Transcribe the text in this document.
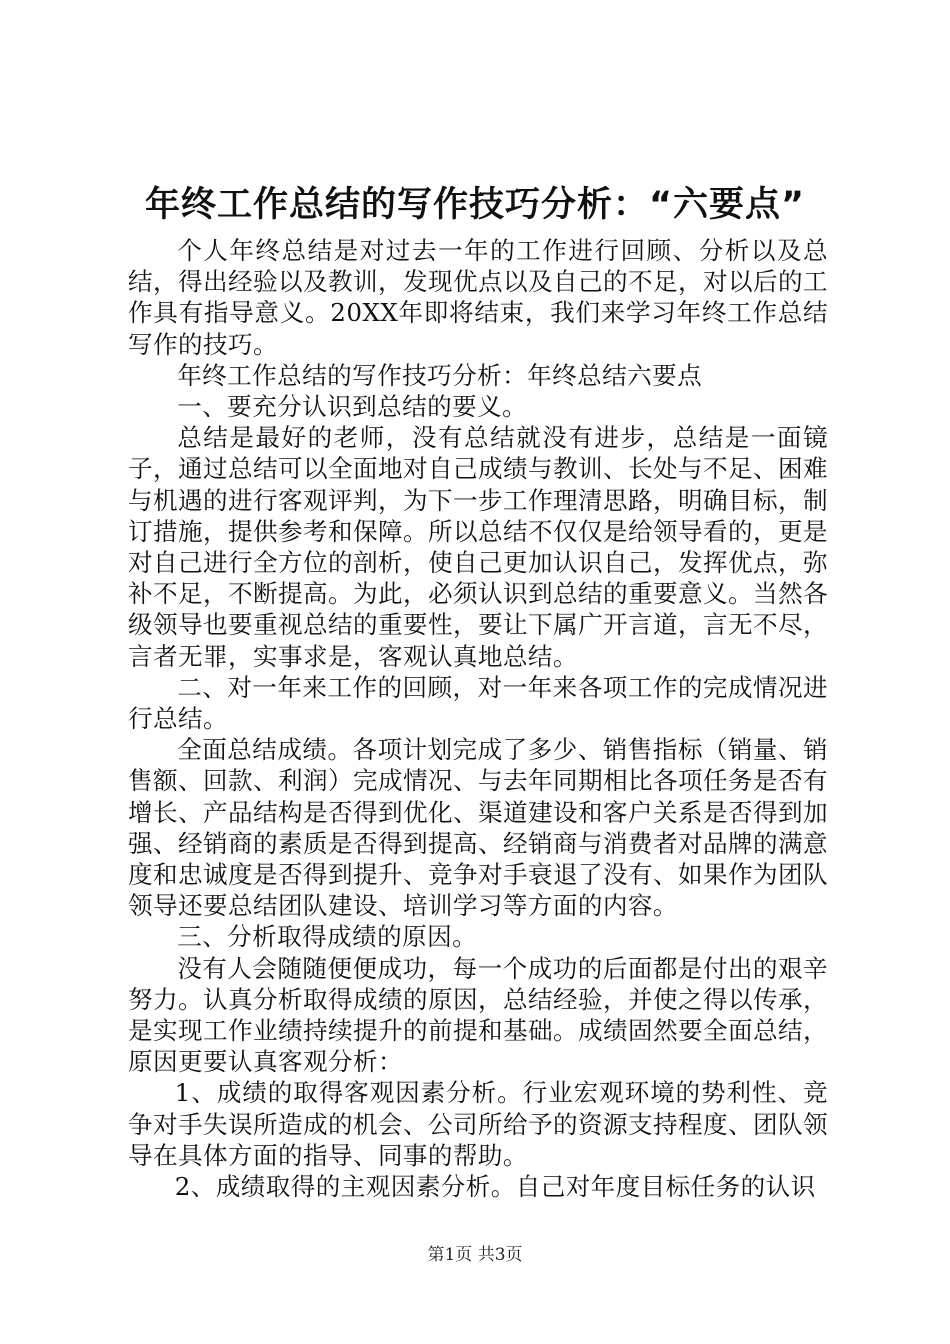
年终工作总结的写作技巧分析：“六要点”

个人年终总结是对过去一年的工作进行回顾、分析以及总结，得出经验以及教训，发现优点以及自己的不足，对以后的工作具有指导意义。20XX年即将结束，我们来学习年终工作总结写作的技巧。

年终工作总结的写作技巧分析：年终总结六要点

一、要充分认识到总结的要义。

总结是最好的老师，没有总结就没有进步，总结是一面镜子，通过总结可以全面地对自己成绩与教训、长处与不足、困难与机遇的进行客观评判，为下一步工作理清思路，明确目标，制订措施，提供参考和保障。所以总结不仅仅是给领导看的，更是对自己进行全方位的剖析，使自己更加认识自己，发挥优点，弥补不足，不断提高。为此，必须认识到总结的重要意义。当然各级领导也要重视总结的重要性，要让下属广开言道，言无不尽，言者无罪，实事求是，客观认真地总结。

二、对一年来工作的回顾，对一年来各项工作的完成情况进行总结。

全面总结成绩。各项计划完成了多少、销售指标（销量、销售额、回款、利润）完成情况、与去年同期相比各项任务是否有增长、产品结构是否得到优化、渠道建设和客户关系是否得到加强、经销商的素质是否得到提高、经销商与消费者对品牌的满意度和忠诚度是否得到提升、竞争对手衰退了没有、如果作为团队领导还要总结团队建设、培训学习等方面的内容。

三、分析取得成绩的原因。

没有人会随随便便成功，每一个成功的后面都是付出的艰辛努力。认真分析取得成绩的原因，总结经验，并使之得以传承，是实现工作业绩持续提升的前提和基础。成绩固然要全面总结，原因更要认真客观分析：

1、成绩的取得客观因素分析。行业宏观环境的势利性、竞争对手失误所造成的机会、公司所给予的资源支持程度、团队领导在具体方面的指导、同事的帮助。

2、成绩取得的主观因素分析。自己对年度目标任务的认识

第1页 共3页
